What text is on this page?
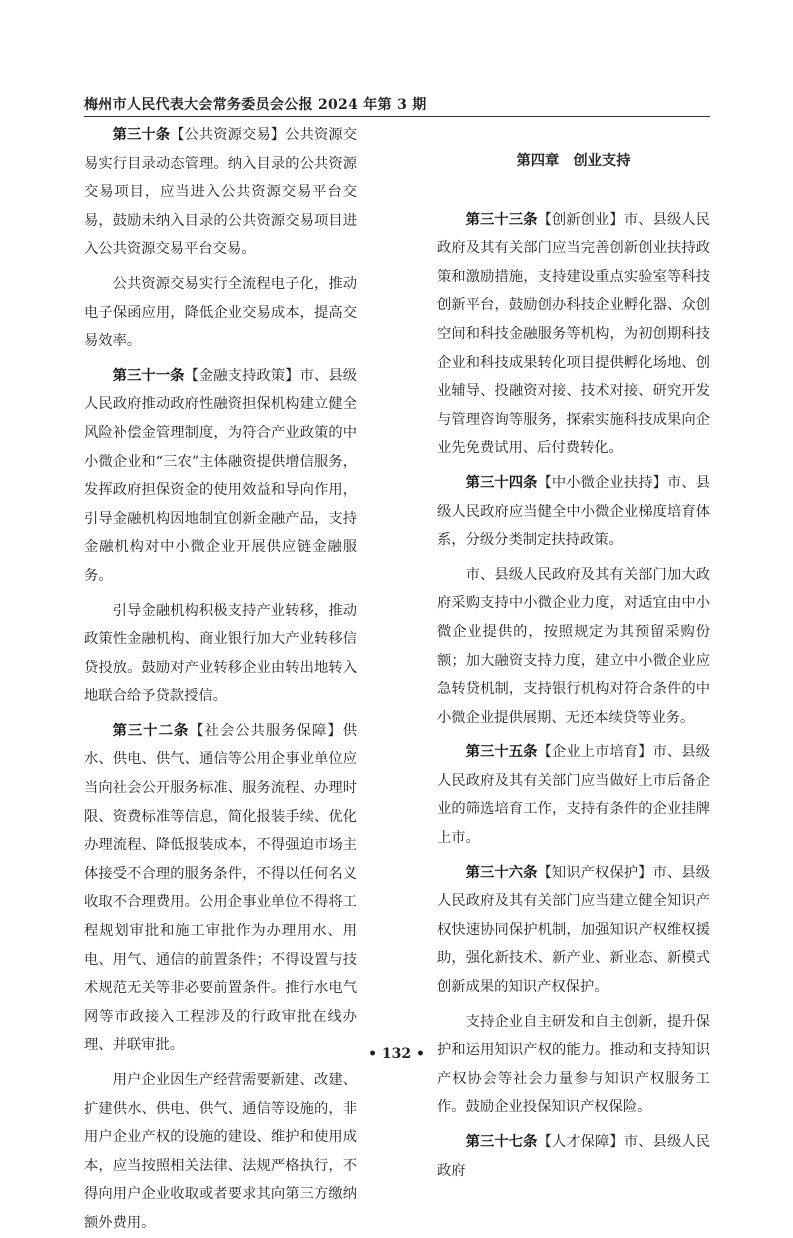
梅州市人民代表大会常务委员会公报 2024 年第 3 期

第三十条【公共资源交易】公共资源交易实行目录动态管理。纳入目录的公共资源交易项目，应当进入公共资源交易平台交易，鼓励未纳入目录的公共资源交易项目进入公共资源交易平台交易。

公共资源交易实行全流程电子化，推动电子保函应用，降低企业交易成本，提高交易效率。

第三十一条【金融支持政策】市、县级人民政府推动政府性融资担保机构建立健全风险补偿金管理制度，为符合产业政策的中小微企业和“三农”主体融资提供增信服务，发挥政府担保资金的使用效益和导向作用，引导金融机构因地制宜创新金融产品，支持金融机构对中小微企业开展供应链金融服务。

引导金融机构积极支持产业转移，推动政策性金融机构、商业银行加大产业转移信贷投放。鼓励对产业转移企业由转出地转入地联合给予贷款授信。

第三十二条【社会公共服务保障】供水、供电、供气、通信等公用企事业单位应当向社会公开服务标准、服务流程、办理时限、资费标准等信息，简化报装手续、优化办理流程、降低报装成本，不得强迫市场主体接受不合理的服务条件，不得以任何名义收取不合理费用。公用企事业单位不得将工程规划审批和施工审批作为办理用水、用电、用气、通信的前置条件；不得设置与技术规范无关等非必要前置条件。推行水电气网等市政接入工程涉及的行政审批在线办理、并联审批。

用户企业因生产经营需要新建、改建、扩建供水、供电、供气、通信等设施的，非用户企业产权的设施的建设、维护和使用成本，应当按照相关法律、法规严格执行，不得向用户企业收取或者要求其向第三方缴纳额外费用。

第四章 创业支持

第三十三条【创新创业】市、县级人民政府及其有关部门应当完善创新创业扶持政策和激励措施，支持建设重点实验室等科技创新平台，鼓励创办科技企业孵化器、众创空间和科技金融服务等机构，为初创期科技企业和科技成果转化项目提供孵化场地、创业辅导、投融资对接、技术对接、研究开发与管理咨询等服务，探索实施科技成果向企业先免费试用、后付费转化。

第三十四条【中小微企业扶持】市、县级人民政府应当健全中小微企业梯度培育体系，分级分类制定扶持政策。

市、县级人民政府及其有关部门加大政府采购支持中小微企业力度，对适宜由中小微企业提供的，按照规定为其预留采购份额；加大融资支持力度，建立中小微企业应急转贷机制，支持银行机构对符合条件的中小微企业提供展期、无还本续贷等业务。

第三十五条【企业上市培育】市、县级人民政府及其有关部门应当做好上市后备企业的筛选培育工作，支持有条件的企业挂牌上市。

第三十六条【知识产权保护】市、县级人民政府及其有关部门应当建立健全知识产权快速协同保护机制，加强知识产权维权援助，强化新技术、新产业、新业态、新模式创新成果的知识产权保护。

支持企业自主研发和自主创新，提升保护和运用知识产权的能力。推动和支持知识产权协会等社会力量参与知识产权服务工作。鼓励企业投保知识产权保险。

第三十七条【人才保障】市、县级人民政府

• 132 •
